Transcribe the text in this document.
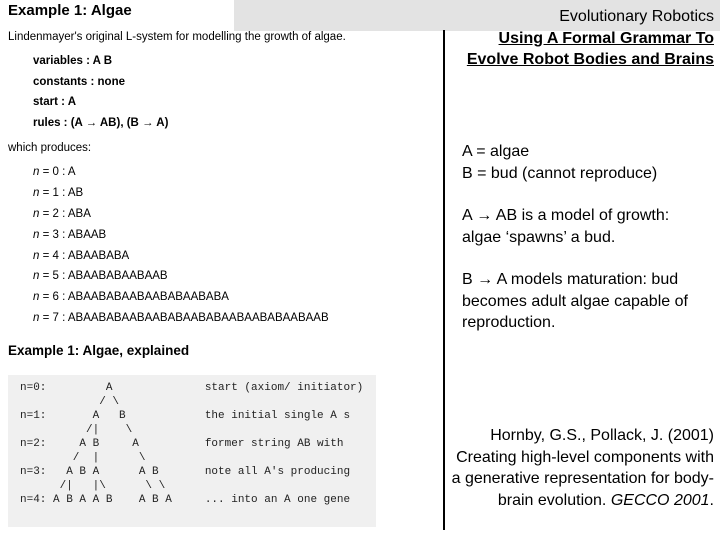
Example 1: Algae
Lindenmayer's original L-system for modelling the growth of algae.
variables : A B
constants : none
start : A
rules : (A → AB), (B → A)
which produces:
n = 0 : A
n = 1 : AB
n = 2 : ABA
n = 3 : ABAAB
n = 4 : ABAABABA
n = 5 : ABAABABAABAAB
n = 6 : ABAABABAABAABABAABABA
n = 7 : ABAABABAABAABABAABABAABAABABAABAAB
Example 1: Algae, explained
n=0:         A              start (axiom/ initiator)
/ \
n=1:       A   B            the initial single A s
/|    \
n=2:     A B     A          former string AB with
/  |      \
n=3:   A B A      A B       note all A's producing
/|   |\      \ \
n=4: A B A A B    A B A     ... into an A one gene
Evolutionary Robotics
Using A Formal Grammar To Evolve Robot Bodies and Brains
A = algae
B = bud (cannot reproduce)
A → AB is a model of growth: algae ‘spawns’ a bud.
B → A models maturation: bud becomes adult algae capable of reproduction.
Hornby, G.S., Pollack, J. (2001) Creating high-level components with a generative representation for body-brain evolution. GECCO 2001.
